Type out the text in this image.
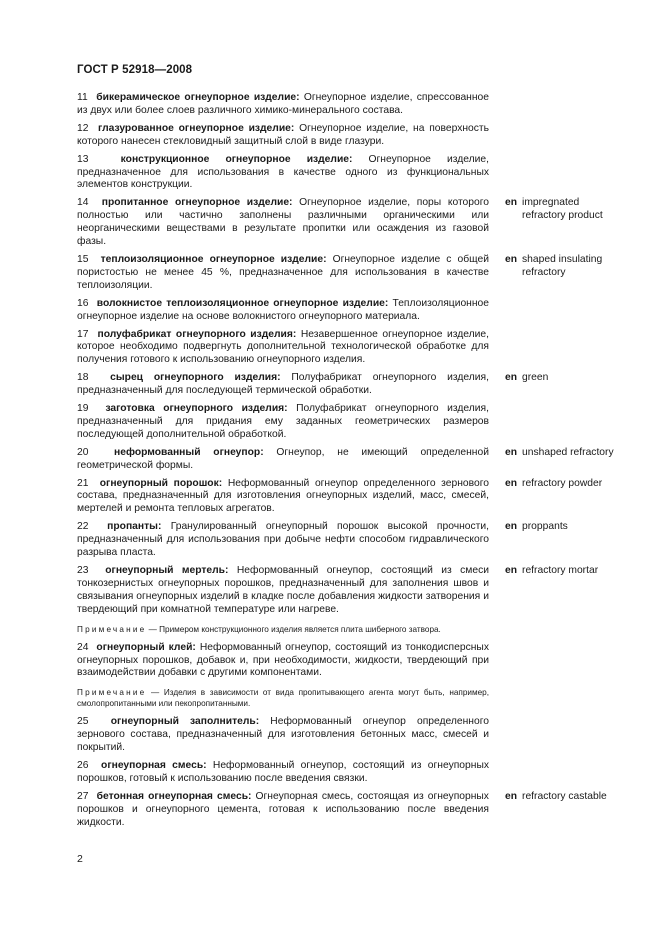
ГОСТ Р 52918—2008
11 бикерамическое огнеупорное изделие: Огнеупорное изделие, спрессованное из двух или более слоев различного химико-минерального состава.
12 глазурованное огнеупорное изделие: Огнеупорное изделие, на поверхность которого нанесен стекловидный защитный слой в виде глазури.
13	конструкционное огнеупорное изделие: Огнеупорное изделие, предназначенное для использования в качестве одного из функциональных элементов конструкции.
14 пропитанное огнеупорное изделие: Огнеупорное изделие, поры которого полностью или частично заполнены различными органическими или неорганическими веществами в результате пропитки или осаждения из газовой фазы.
en impregnated refractory product
15 теплоизоляционное огнеупорное изделие: Огнеупорное изделие с общей пористостью не менее 45 %, предназначенное для использования в качестве теплоизоляции.
en shaped insulating refractory
16 волокнистое теплоизоляционное огнеупорное изделие: Теплоизоляционное огнеупорное изделие на основе волокнистого огнеупорного материала.
17 полуфабрикат огнеупорного изделия: Незавершенное огнеупорное изделие, которое необходимо подвергнуть дополнительной технологической обработке для получения готового к использованию огнеупорного изделия.
18 сырец огнеупорного изделия: Полуфабрикат огнеупорного изделия, предназначенный для последующей термической обработки.
en green
19 заготовка огнеупорного изделия: Полуфабрикат огнеупорного изделия, предназначенный для придания ему заданных геометрических размеров последующей дополнительной обработкой.
20 неформованный огнеупор: Огнеупор, не имеющий определенной геометрической формы.
en unshaped refractory
21 огнеупорный порошок: Неформованный огнеупор определенного зернового состава, предназначенный для изготовления огнеупорных изделий, масс, смесей, мертелей и ремонта тепловых агрегатов.
en refractory powder
22 пропанты: Гранулированный огнеупорный порошок высокой прочности, предназначенный для использования при добыче нефти способом гидравлического разрыва пласта.
en proppants
23 огнеупорный мертель: Неформованный огнеупор, состоящий из смеси тонкозернистых огнеупорных порошков, предназначенный для заполнения швов и связывания огнеупорных изделий в кладке после добавления жидкости затворения и твердеющий при комнатной температуре или нагреве.
en refractory mortar
Примечание — Примером конструкционного изделия является плита шиберного затвора.
24 огнеупорный клей: Неформованный огнеупор, состоящий из тонкодисперсных огнеупорных порошков, добавок и, при необходимости, жидкости, твердеющий при взаимодействии добавки с другими компонентами.
Примечание — Изделия в зависимости от вида пропитывающего агента могут быть, например, смолопропитанными или пекопропитанными.
25 огнеупорный заполнитель: Неформованный огнеупор определенного зернового состава, предназначенный для изготовления бетонных масс, смесей и покрытий.
26 огнеупорная смесь: Неформованный огнеупор, состоящий из огнеупорных порошков, готовый к использованию после введения связки.
27 бетонная огнеупорная смесь: Огнеупорная смесь, состоящая из огнеупорных порошков и огнеупорного цемента, готовая к использованию после введения жидкости.
en refractory castable
2
